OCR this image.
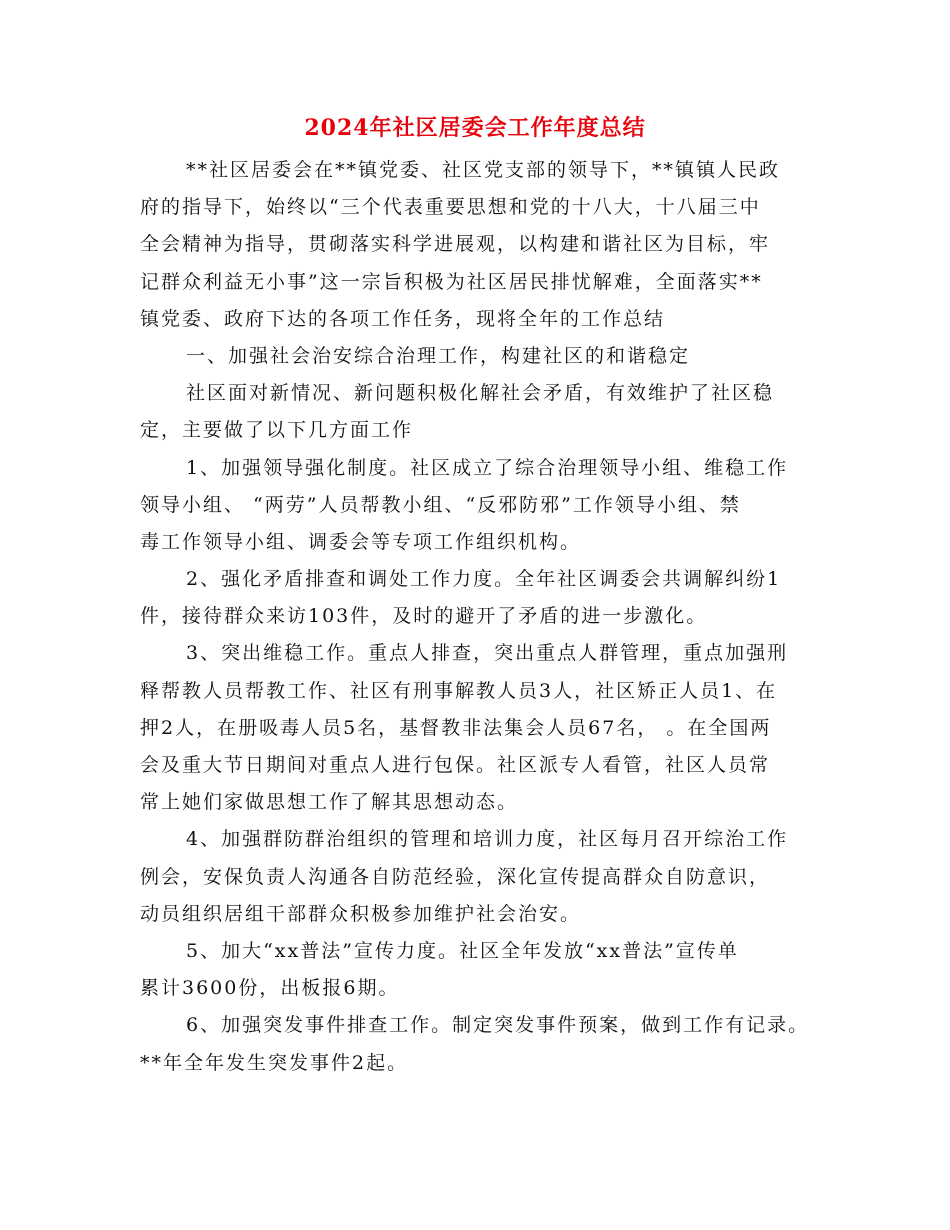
2024年社区居委会工作年度总结
**社区居委会在**镇党委、社区党支部的领导下，**镇镇人民政
府的指导下，始终以“三个代表重要思想和党的十八大，十八届三中
全会精神为指导，贯砌落实科学进展观，以构建和谐社区为目标，牢
记群众利益无小事”这一宗旨积极为社区居民排忧解难，全面落实**
镇党委、政府下达的各项工作任务，现将全年的工作总结
一、加强社会治安综合治理工作，构建社区的和谐稳定
社区面对新情况、新问题积极化解社会矛盾，有效维护了社区稳
定，主要做了以下几方面工作
1、加强领导强化制度。社区成立了综合治理领导小组、维稳工作
领导小组、 “两劳”人员帮教小组、“反邪防邪”工作领导小组、禁
毒工作领导小组、调委会等专项工作组织机构。
2、强化矛盾排查和调处工作力度。全年社区调委会共调解纠纷1
件，接待群众来访103件，及时的避开了矛盾的进一步激化。
3、突出维稳工作。重点人排查，突出重点人群管理，重点加强刑
释帮教人员帮教工作、社区有刑事解教人员3人，社区矫正人员1、在
押2人，在册吸毒人员5名，基督教非法集会人员67名， 。在全国两
会及重大节日期间对重点人进行包保。社区派专人看管，社区人员常
常上她们家做思想工作了解其思想动态。
4、加强群防群治组织的管理和培训力度，社区每月召开综治工作
例会，安保负责人沟通各自防范经验，深化宣传提高群众自防意识，
动员组织居组干部群众积极参加维护社会治安。
5、加大“xx普法”宣传力度。社区全年发放“xx普法”宣传单
累计3600份，出板报6期。
6、加强突发事件排查工作。制定突发事件预案，做到工作有记录。
**年全年发生突发事件2起。
